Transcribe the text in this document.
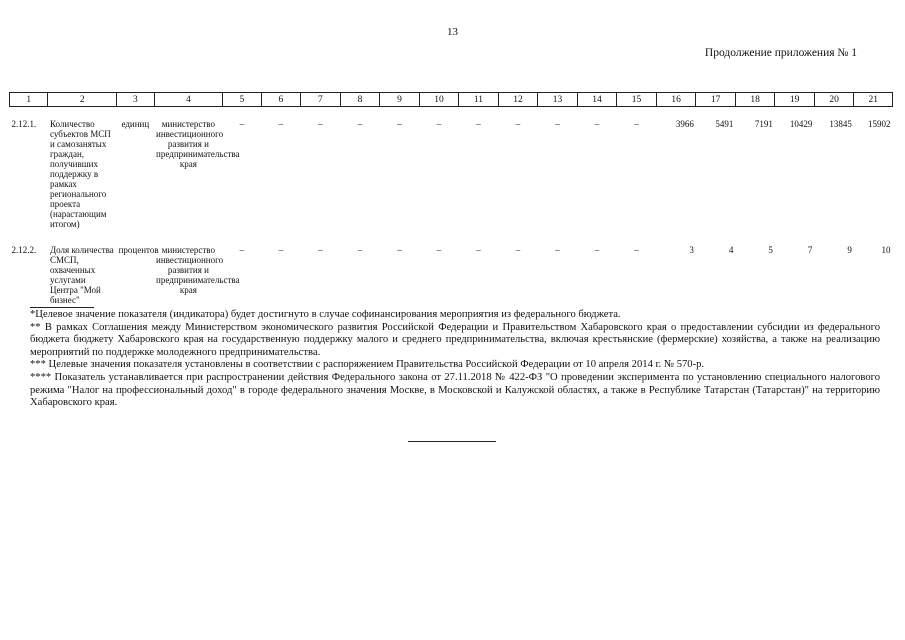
13
Продолжение приложения № 1
1	2	3	4	5	6	7	8	9	10	11	12	13	14	15	16	17	18	19	20	21
2.12.1.	Количество субъектов МСП и самозанятых граждан, получивших поддержку в рамках регионального проекта (нарастающим итогом)	единиц	министерство инвестиционного развития и предпринимательства края	–	–	–	–	–	–	–	–	–	–	–	3966	5491	7191	10429	13845	15902
2.12.2.	Доля количества СМСП, охваченных услугами Центра "Мой бизнес"	процентов	министерство инвестиционного развития и предпринимательства края	–	–	–	–	–	–	–	–	–	–	–	3	4	5	7	9	10

*Целевое значение показателя (индикатора) будет достигнуто в случае софинансирования мероприятия из федерального бюджета.

** В рамках Соглашения между Министерством экономического развития Российской Федерации и Правительством Хабаровского края о предоставлении субсидии из федерального бюджета бюджету Хабаровского края на государственную поддержку малого и среднего предпринимательства, включая крестьянские (фермерские) хозяйства, а также на реализацию мероприятий по поддержке молодежного предпринимательства.

*** Целевые значения показателя установлены в соответствии с распоряжением Правительства Российской Федерации от 10 апреля 2014 г. № 570-р.

**** Показатель устанавливается при распространении действия Федерального закона от 27.11.2018 № 422-ФЗ "О проведении эксперимента по установлению специального налогового режима "Налог на профессиональный доход" в городе федерального значения Москве, в Московской и Калужской областях, а также в Республике Татарстан (Татарстан)" на территорию Хабаровского края.
